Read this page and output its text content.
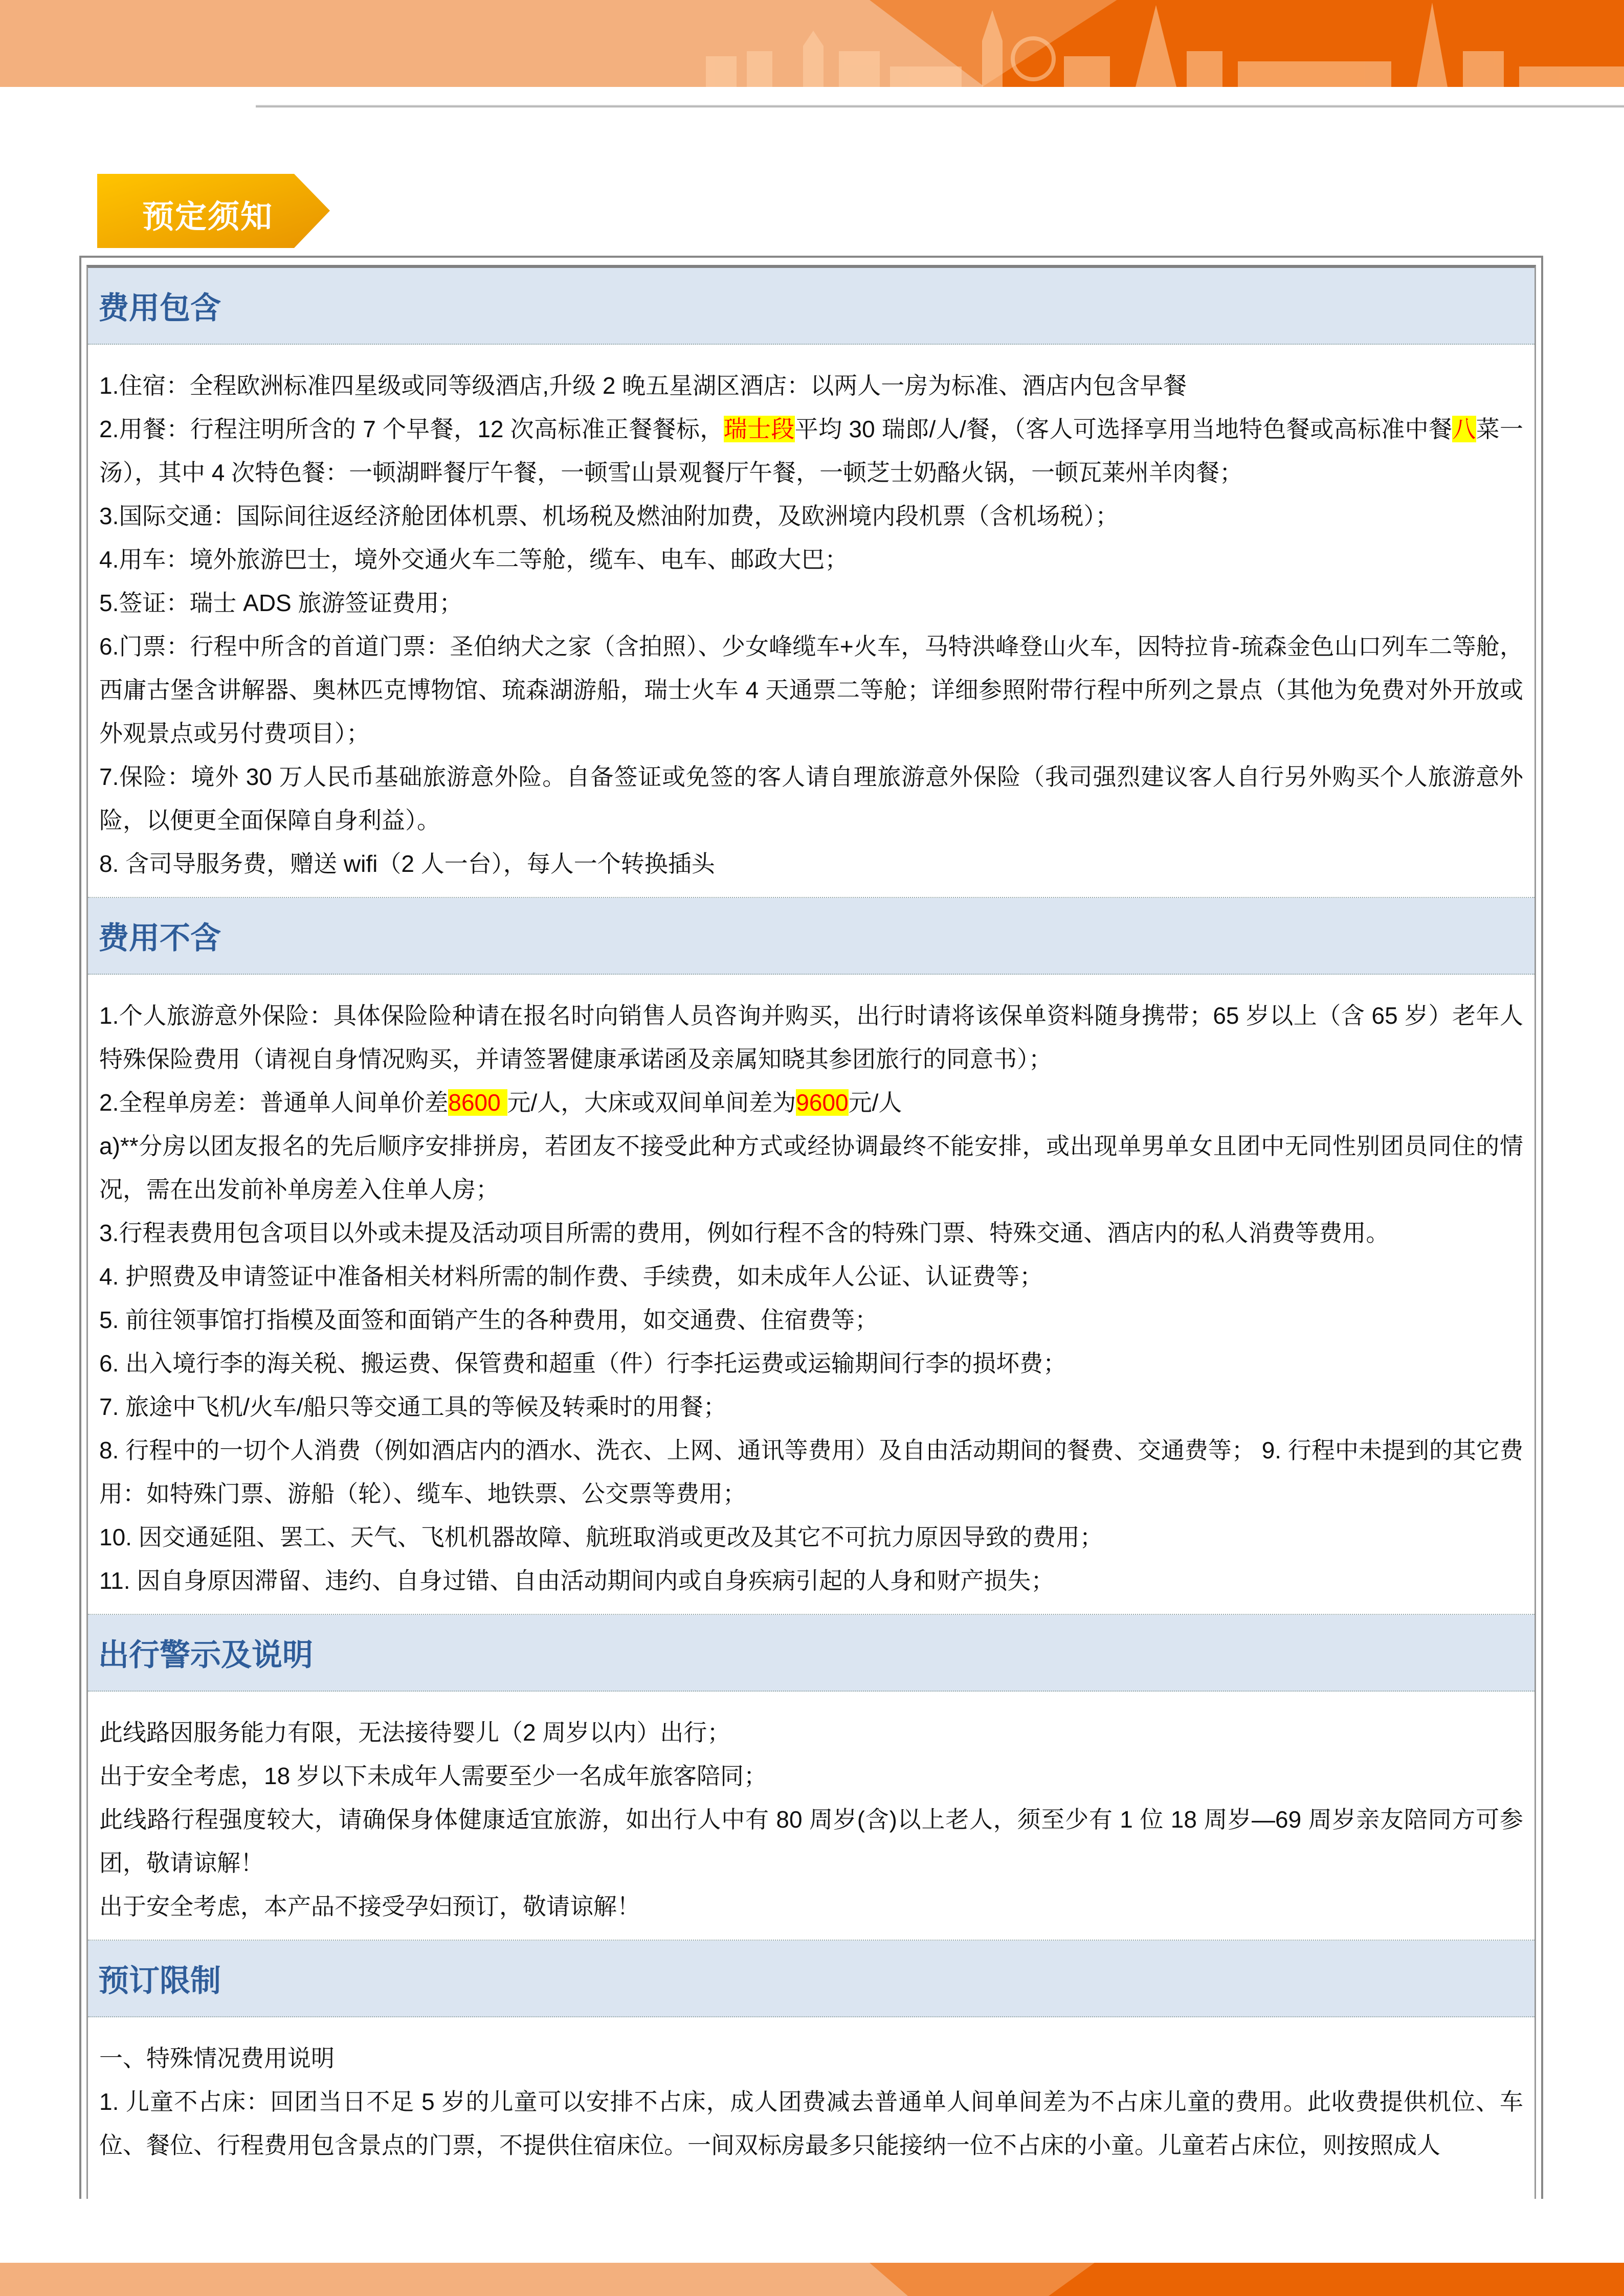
预定须知
费用包含

1.住宿：全程欧洲标准四星级或同等级酒店,升级 2 晚五星湖区酒店：以两人一房为标准、酒店内包含早餐

2.用餐：行程注明所含的 7 个早餐，12 次高标准正餐餐标，瑞士段平均 30 瑞郎/人/餐，（客人可选择享用当地特色餐或高标准中餐八菜一汤），其中 4 次特色餐：一顿湖畔餐厅午餐，一顿雪山景观餐厅午餐，一顿芝士奶酪火锅，一顿瓦莱州羊肉餐；

3.国际交通：国际间往返经济舱团体机票、机场税及燃油附加费，及欧洲境内段机票（含机场税）；

4.用车：境外旅游巴士，境外交通火车二等舱，缆车、电车、邮政大巴；

5.签证：瑞士 ADS 旅游签证费用；

6.门票：行程中所含的首道门票：圣伯纳犬之家（含拍照）、少女峰缆车+火车，马特洪峰登山火车，因特拉肯-琉森金色山口列车二等舱，西庸古堡含讲解器、奥林匹克博物馆、琉森湖游船，瑞士火车 4 天通票二等舱；详细参照附带行程中所列之景点（其他为免费对外开放或外观景点或另付费项目）；

7.保险：境外 30 万人民币基础旅游意外险。自备签证或免签的客人请自理旅游意外保险（我司强烈建议客人自行另外购买个人旅游意外险，以便更全面保障自身利益）。

8. 含司导服务费，赠送 wifi（2 人一台），每人一个转换插头

费用不含

1.个人旅游意外保险：具体保险险种请在报名时向销售人员咨询并购买，出行时请将该保单资料随身携带；65 岁以上（含 65 岁）老年人特殊保险费用（请视自身情况购买，并请签署健康承诺函及亲属知晓其参团旅行的同意书）；

2.全程单房差：普通单人间单价差8600 元/人，大床或双间单间差为9600元/人

a)**分房以团友报名的先后顺序安排拼房，若团友不接受此种方式或经协调最终不能安排，或出现单男单女且团中无同性别团员同住的情况，需在出发前补单房差入住单人房；

3.行程表费用包含项目以外或未提及活动项目所需的费用，例如行程不含的特殊门票、特殊交通、酒店内的私人消费等费用。

4. 护照费及申请签证中准备相关材料所需的制作费、手续费，如未成年人公证、认证费等；

5. 前往领事馆打指模及面签和面销产生的各种费用，如交通费、住宿费等；

6. 出入境行李的海关税、搬运费、保管费和超重（件）行李托运费或运输期间行李的损坏费；

7. 旅途中飞机/火车/船只等交通工具的等候及转乘时的用餐；

8. 行程中的一切个人消费（例如酒店内的酒水、洗衣、上网、通讯等费用）及自由活动期间的餐费、交通费等； 9. 行程中未提到的其它费用：如特殊门票、游船（轮）、缆车、地铁票、公交票等费用；

10. 因交通延阻、罢工、天气、飞机机器故障、航班取消或更改及其它不可抗力原因导致的费用；

11. 因自身原因滞留、违约、自身过错、自由活动期间内或自身疾病引起的人身和财产损失；

出行警示及说明

此线路因服务能力有限，无法接待婴儿（2 周岁以内）出行；

出于安全考虑，18 岁以下未成年人需要至少一名成年旅客陪同；

此线路行程强度较大，请确保身体健康适宜旅游，如出行人中有 80 周岁(含)以上老人，须至少有 1 位 18 周岁—69 周岁亲友陪同方可参团，敬请谅解！

出于安全考虑，本产品不接受孕妇预订，敬请谅解！

预订限制

一、特殊情况费用说明

1. 儿童不占床：回团当日不足 5 岁的儿童可以安排不占床，成人团费减去普通单人间单间差为不占床儿童的费用。此收费提供机位、车位、餐位、行程费用包含景点的门票，不提供住宿床位。一间双标房最多只能接纳一位不占床的小童。儿童若占床位，则按照成人
